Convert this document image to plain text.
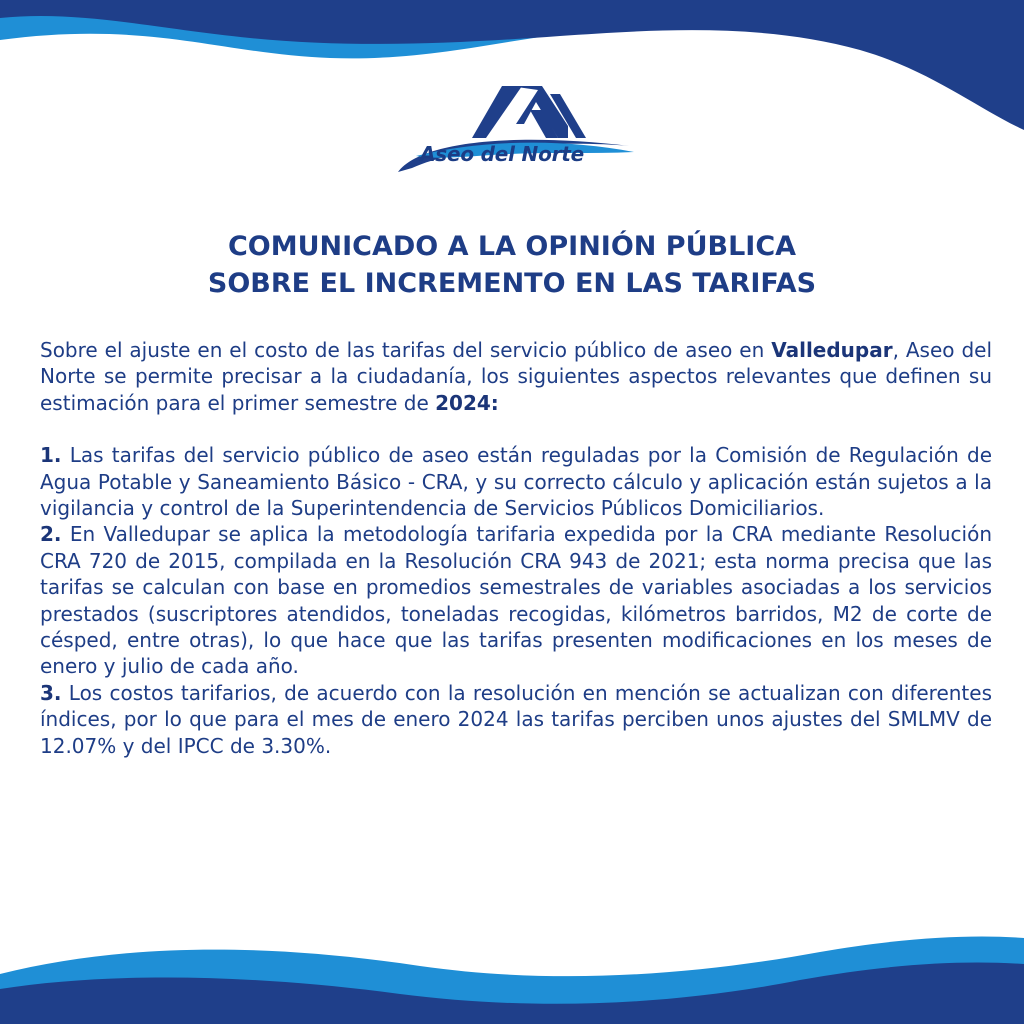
Aseo del Norte
COMUNICADO A LA OPINIÓN PÚBLICA
SOBRE EL INCREMENTO EN LAS TARIFAS

Sobre el ajuste en el costo de las tarifas del servicio público de aseo en Valledupar, Aseo del Norte se permite precisar a la ciudadanía, los siguientes aspectos relevantes que definen su estimación para el primer semestre de 2024:

1. Las tarifas del servicio público de aseo están reguladas por la Comisión de Regulación de Agua Potable y Saneamiento Básico - CRA, y su correcto cálculo y aplicación están sujetos a la vigilancia y control de la Superintendencia de Servicios Públicos Domiciliarios.

2. En Valledupar se aplica la metodología tarifaria expedida por la CRA mediante Resolución CRA 720 de 2015, compilada en la Resolución CRA 943 de 2021; esta norma precisa que las tarifas se calculan con base en promedios semestrales de variables asociadas a los servicios prestados (suscriptores atendidos, toneladas recogidas, kilómetros barridos, M2 de corte de césped, entre otras), lo que hace que las tarifas presenten modificaciones en los meses de enero y julio de cada año.

3. Los costos tarifarios, de acuerdo con la resolución en mención se actualizan con diferentes índices, por lo que para el mes de enero 2024 las tarifas perciben unos ajustes del SMLMV de 12.07% y del IPCC de 3.30%.
